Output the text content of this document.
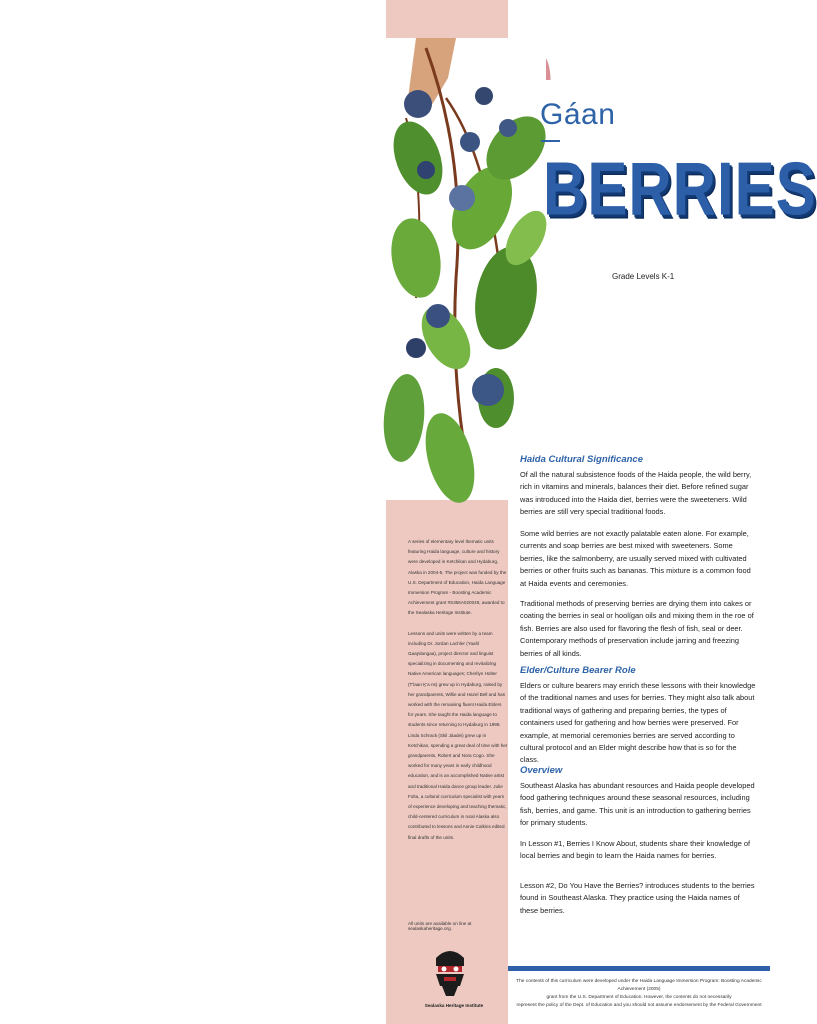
Gáan
BERRIES
Grade Levels K-1

A series of elementary level thematic units featuring Haida language, culture and history were developed in Ketchikan and Hydaburg, Alaska in 2004-5. The project was funded by the U.S. Department of Education, Haida Language Immersion Program - Boosting Academic Achievement grant #S356A020049, awarded to the Sealaska Heritage Institute.

Lessons and units were written by a team including Dr. Jordan Lachler (Yaahl Ǥaaȳdangaa), project director and linguist specializing in documenting and revitalizing Native American languages; Cherilyn Holter (T'laan Ḵ'a ns) grew up in Hydaburg, raised by her grandparents, Willie and Hazel Bell and has worked with the remaining fluent Haida Elders for years. She taught the Haida language to students since returning to Hydaburg in 1998. Linda Schrack (Skil Jáadei) grew up in Ketchikan, spending a great deal of time with her grandparents, Robert and Nora Cogo. She worked for many years in early childhood education, and is an accomplished Native artist and traditional Haida dance group leader. Julie Folta, a cultural curriculum specialist with years of experience developing and teaching thematic, child-centered curriculum in rural Alaska also contributed to lessons and Annie Calkins edited final drafts of the units.

All units are available on line at sealaskaheritage.org.
Sealaska Heritage Institute
Haida Cultural Significance

Of all the natural subsistence foods of the Haida people, the wild berry, rich in vitamins and minerals, balances their diet. Before refined sugar was introduced into the Haida diet, berries were the sweeteners. Wild berries are still very special traditional foods.

Some wild berries are not exactly palatable eaten alone. For example, currents and soap berries are best mixed with sweeteners. Some berries, like the salmonberry, are usually served mixed with cultivated berries or other fruits such as bananas. This mixture is a common food at Haida events and ceremonies.

Traditional methods of preserving berries are drying them into cakes or coating the berries in seal or hoolígan oils and mixing them in the roe of fish. Berries are also used for flavoring the flesh of fish, seal or deer. Contemporary methods of preservation include jarring and freezing berries of all kinds.

Elder/Culture Bearer Role

Elders or culture bearers may enrich these lessons with their knowledge of the traditional names and uses for berries. They might also talk about traditional ways of gathering and preparing berries, the types of containers used for gathering and how berries were preserved. For example, at memorial ceremonies berries are served according to cultural protocol and an Elder might describe how that is so for the class.

Overview

Southeast Alaska has abundant resources and Haida people developed food gathering techniques around these seasonal resources, including fish, berries, and game. This unit is an introduction to gathering berries for primary students.

In Lesson #1, Berries I Know About, students share their knowledge of local berries and begin to learn the Haida names for berries.

Lesson #2, Do You Have the Berries? introduces students to the berries found in Southeast Alaska. They practice using the Haida names of these berries.

The contents of this curriculum were developed under the Haida Language Immersion Program: Boosting Academic Achievement (2005)
grant from the U.S. Department of Education. However, the contents do not necessarily
represent the policy of the Dept. of Education and you should not assume endorsement by the Federal Government
